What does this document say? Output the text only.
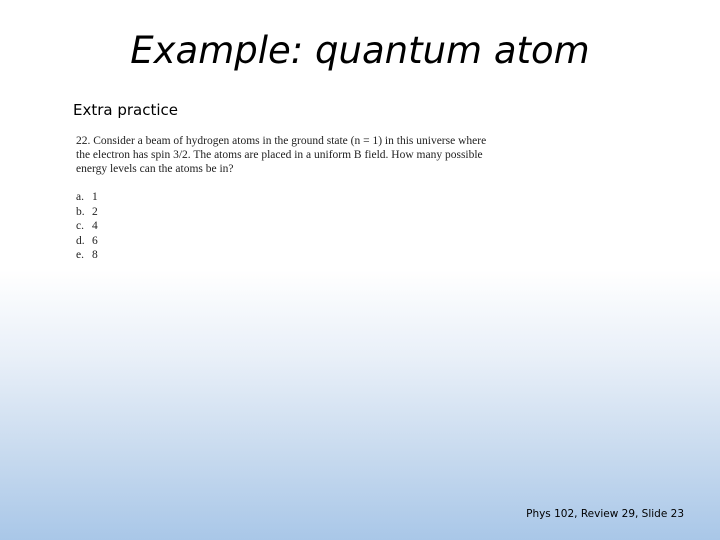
Example: quantum atom
Extra practice
22. Consider a beam of hydrogen atoms in the ground state (n = 1) in this universe where
the electron has spin 3/2. The atoms are placed in a uniform B field. How many possible
energy levels can the atoms be in?
a. 1
b. 2
c. 4
d. 6
e. 8
Phys 102, Review 29, Slide 23
